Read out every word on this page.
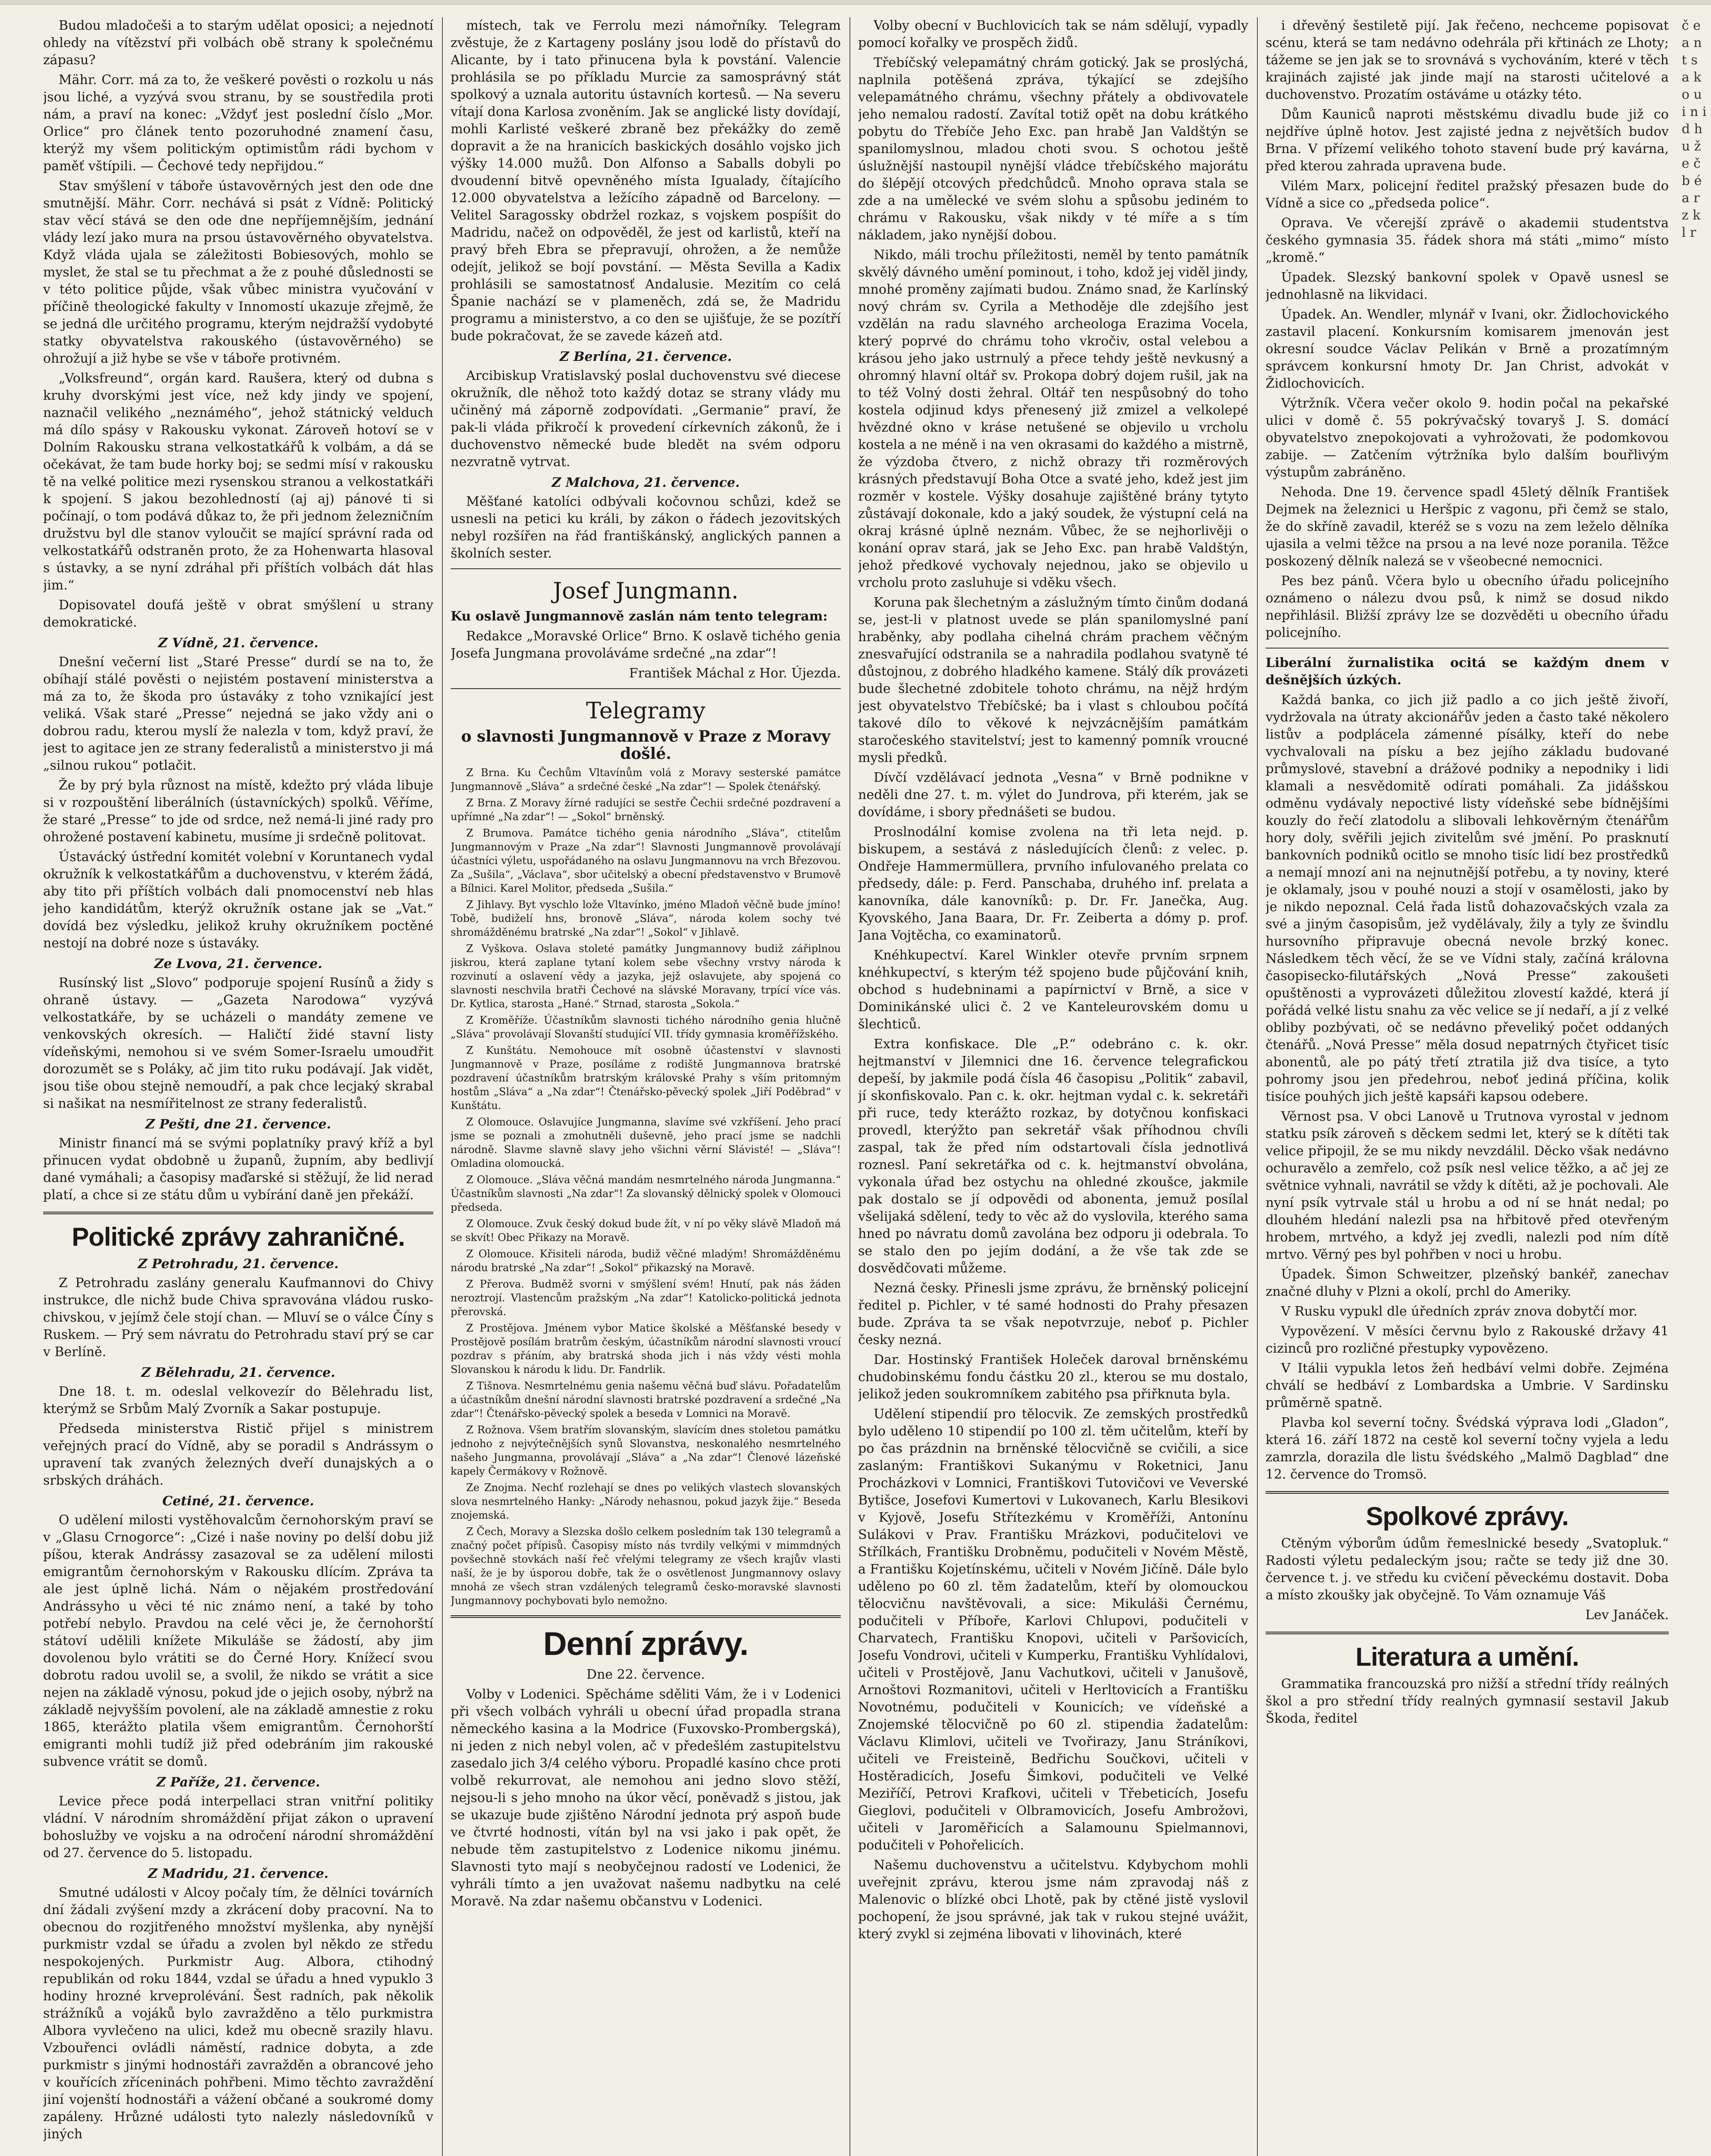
Budou mladočeši a to starým udělat oposici; a nejednotí ohledy na vítězství při volbách obě strany k společnému zápasu?

Mähr. Corr. má za to, že veškeré pověsti o rozkolu u nás jsou liché, a vyzývá svou stranu, by se soustředila proti nám, a praví na konec: „Vždyť jest poslední číslo „Mor. Orlice“ pro článek tento pozoruhodné znamení času, kterýž my všem politickým optimistům rádi bychom v paměť vštípili. — Čechové tedy nepřijdou.“

Stav smýšlení v táboře ústavověrných jest den ode dne smutnější. Mähr. Corr. nechává si psát z Vídně: Politický stav věcí stává se den ode dne nepříjemnějším, jednání vlády lezí jako mura na prsou ústavověrného obyvatelstva. Když vláda ujala se záležitosti Bobiesových, mohlo se myslet, že stal se tu přechmat a že z pouhé důslednosti se v této politice půjde, však vůbec ministra vyučování v příčině theologické fakulty v Innomostí ukazuje zřejmě, že se jedná dle určitého programu, kterým nejdražší vydobyté statky obyvatelstva rakouského (ústavověrného) se ohrožují a již hybe se vše v táboře protivném.

„Volksfreund“, orgán kard. Raušera, který od dubna s kruhy dvorskými jest více, než kdy jindy ve spojení, naznačil velikého „neznámého“, jehož státnický velduch má dílo spásy v Rakousku vykonat. Zároveň hotoví se v Dolním Rakousku strana velkostatkářů k volbám, a dá se očekávat, že tam bude horky boj; se sedmi mísí v rakousku tě na velké politice mezi rysenskou stranou a velkostatkáři k spojení. S jakou bezohledností (aj aj) pánové ti si počínají, o tom podává důkaz to, že při jednom železničním družstvu byl dle stanov vyloučit se mající správní rada od velkostatkářů odstraněn proto, že za Hohenwarta hlasoval s ústavky, a se nyní zdráhal při příštích volbách dát hlas jim.“

Dopisovatel doufá ještě v obrat smýšlení u strany demokratické.

Z Vídně, 21. července.

Dnešní večerní list „Staré Presse“ durdí se na to, že obíhají stálé pověsti o nejistém postavení ministerstva a má za to, že škoda pro ústaváky z toho vznikající jest veliká. Však staré „Presse“ nejedná se jako vždy ani o dobrou radu, kterou myslí že nalezla v tom, když praví, že jest to agitace jen ze strany federalistů a ministerstvo ji má „silnou rukou“ potlačit.

Že by prý byla různost na místě, kdežto prý vláda libuje si v rozpouštění liberálních (ústavníckých) spolků. Věříme, že staré „Presse“ to jde od srdce, než nemá-li jiné rady pro ohrožené postavení kabinetu, musíme ji srdečně politovat.

Ústavácký ústřední komitét volební v Koruntanech vydal okružník k velkostatkářům a duchovenstvu, v kterém žádá, aby tito při příštích volbách dali pnomocenství neb hlas jeho kandidátům, kterýž okružník ostane jak se „Vat.“ dovídá bez výsledku, jelikož kruhy okružníkem poctěné nestojí na dobré noze s ústaváky.

Ze Lvova, 21. července.

Rusínský list „Slovo“ podporuje spojení Rusínů a židy s ohraně ústavy. — „Gazeta Narodowa“ vyzývá velkostatkáře, by se ucházeli o mandáty zemene ve venkovských okresích. — Haličtí židé stavní listy vídeňskými, nemohou si ve svém Somer-Israelu umoudřit dorozumět se s Poláky, ač jim tito ruku podávají. Jak vidět, jsou tiše obou stejně nemoudří, a pak chce lecjaký skrabal si našikat na nesmířitelnost ze strany federalistů.

Z Pešti, dne 21. července.

Ministr financí má se svými poplatníky pravý kříž a byl přinucen vydat obdobně u županů, župním, aby bedlivjí dané vymáhali; a časopisy maďarské si stěžují, že lid nerad platí, a chce si ze státu dům u vybírání daně jen překáží.

Politické zprávy zahraničné.
Z Petrohradu, 21. července.

Z Petrohradu zaslány generalu Kaufmannovi do Chivy instrukce, dle nichž bude Chiva spravována vládou rusko-chivskou, v jejímž čele stojí chan. — Mluví se o válce Číny s Ruskem. — Prý sem návratu do Petrohradu staví prý se car v Berlíně.

Z Bělehradu, 21. července.

Dne 18. t. m. odeslal velkovezír do Bělehradu list, kterýmž se Srbům Malý Zvorník a Sakar postupuje.

Předseda ministerstva Ristič přijel s ministrem veřejných prací do Vídně, aby se poradil s Andrássym o upravení tak zvaných železných dveří dunajských a o srbských dráhách.

Cetiné, 21. července.

O udělení milosti vystěhovalcům černohorským praví se v „Glasu Crnogorce“: „Cizé i naše noviny po delší dobu již píšou, kterak Andrássy zasazoval se za udělení milosti emigrantům černohorským v Rakousku dlícím. Zpráva ta ale jest úplně lichá. Nám o nějakém prostředování Andrássyho u věci té nic známo není, a také by toho potřebí nebylo. Pravdou na celé věci je, že černohorští státoví udělili knížete Mikuláše se žádostí, aby jim dovolenou bylo vrátiti se do Černé Hory. Knížecí svou dobrotu radou uvolil se, a svolil, že nikdo se vrátit a sice nejen na základě výnosu, pokud jde o jejich osoby, nýbrž na základě nejvyšším povolení, ale na základě amnestie z roku 1865, kterážto platila všem emigrantům. Černohorští emigranti mohli tudíž již před odebráním jim rakouské subvence vrátit se domů.

Z Paříže, 21. července.

Levice přece podá interpellaci stran vnitřní politiky vládní. V národním shromáždění přijat zákon o upravení bohoslužby ve vojsku a na odročení národní shromáždění od 27. července do 5. listopadu.

Z Madridu, 21. července.

Smutné události v Alcoy počaly tím, že dělníci továrních dní žádali zvýšení mzdy a zkrácení doby pracovní. Na to obecnou do rozjitřeného množství myšlenka, aby nynější purkmistr vzdal se úřadu a zvolen byl někdo ze středu nespokojených. Purkmistr Aug. Albora, ctihodný republikán od roku 1844, vzdal se úřadu a hned vypuklo 3 hodiny hrozné krveprolévání. Šest radních, pak několik strážníků a vojáků bylo zavražděno a tělo purkmistra Albora vyvlečeno na ulici, kdež mu obecně srazily hlavu. Vzbouřenci ovládli náměstí, radnice dobyta, a zde purkmistr s jinými hodnostáři zavražděn a obrancové jeho v kouřících zříceninách pohřbeni. Mimo těchto zavraždění jiní vojenští hodnostáři a vážení občané a soukromé domy zapáleny. Hrůzné události tyto nalezly následovníků v jiných

místech, tak ve Ferrolu mezi námořníky. Telegram zvěstuje, že z Kartageny poslány jsou lodě do přístavů do Alicante, by i tato přinucena byla k povstání. Valencie prohlásila se po příkladu Murcie za samosprávný stát spolkový a uznala autoritu ústavních kortesů. — Na severu vítají dona Karlosa zvoněním. Jak se anglické listy dovídají, mohli Karlisté veškeré zbraně bez překážky do země dopravit a že na hranicích baskických dosáhlo vojsko jich výšky 14.000 mužů. Don Alfonso a Saballs dobyli po dvoudenní bitvě opevněného místa Igualady, čítajícího 12.000 obyvatelstva a ležícího západně od Barcelony. — Velitel Saragossky obdržel rozkaz, s vojskem pospíšit do Madridu, načež on odpověděl, že jest od karlistů, kteří na pravý břeh Ebra se přepravují, ohrožen, a že nemůže odejít, jelikož se bojí povstání. — Města Sevilla a Kadix prohlásili se samostatnosť Andalusie. Mezitím co celá Španie nachází se v plameněch, zdá se, že Madridu programu a ministerstvo, a co den se ujišťuje, že se pozítří bude pokračovat, že se zavede kázeň atd.

Z Berlína, 21. července.

Arcibiskup Vratislavský poslal duchovenstvu své diecese okružník, dle něhož toto každý dotaz se strany vlády mu učiněný má záporně zodpovídati. „Germanie“ praví, že pak-li vláda přikročí k provedení církevních zákonů, že i duchovenstvo německé bude bledět na svém odporu nezvratně vytrvat.

Z Malchova, 21. července.

Měšťané katolíci odbývali kočovnou schůzi, kdež se usnesli na petici ku králi, by zákon o řádech jezovitských nebyl rozšířen na řád františkánský, anglických pannen a školních sester.

Josef Jungmann.

Ku oslavě Jungmannově zaslán nám tento telegram:

Redakce „Moravské Orlice“ Brno. K oslavě tichého genia Josefa Jungmana provoláváme srdečné „na zdar“!

František Máchal z Hor. Újezda.
Telegramy
o slavnosti Jungmannově v Praze z Moravy došlé.

Z Brna. Ku Čechům Vltavínům volá z Moravy sesterské památce Jungmannově „Sláva“ a srdečné české „Na zdar“! — Spolek čtenářský.

Z Brna. Z Moravy žírné radujíci se sestře Čechii srdečné pozdravení a upřímné „Na zdar“! — „Sokol“ brněnský.

Z Brumova. Památce tichého genia národního „Sláva“, ctitelům Jungmannovým v Praze „Na zdar“! Slavnosti Jungmannově provolávají účastníci výletu, uspořádaného na oslavu Jungmannovu na vrch Březovou. Za „Sušila“, „Václava“, sbor učitelský a obecní představenstvo v Brumově a Bílnici. Karel Molitor, předseda „Sušila.“

Z Jihlavy. Byt vyschlo lože Vltavínko, jméno Mladoň věčně bude jmíno! Tobě, budiželí hns, bronově „Sláva“, národa kolem sochy tvé shromážděnému bratrské „Na zdar“! „Sokol“ v Jihlavě.

Z Vyškova. Oslava stoleté památky Jungmannovy budiž zářiplnou jiskrou, která zaplane tytaní kolem sebe všechny vrstvy národa k rozvinutí a oslavení vědy a jazyka, jejž oslavujete, aby spojená co slavnosti neschvila bratři Čechové na slávské Moravany, trpící více vás. Dr. Kytlica, starosta „Hané.“ Strnad, starosta „Sokola.“

Z Kroměříže. Účastníkům slavnosti tichého národního genia hlučně „Sláva“ provolávají Slovanští studující VII. třídy gymnasia kroměřížského.

Z Kunštátu. Nemohouce mít osobně účastenství v slavnosti Jungmannově v Praze, posíláme z rodiště Jungmannova bratrské pozdravení účastníkům bratrským královské Prahy s vším pritomným hostům „Sláva“ a „Na zdar“! Čtenářsko-pěvecký spolek „Jiří Poděbrad“ v Kunštátu.

Z Olomouce. Oslavujíce Jungmanna, slavíme své vzkříšení. Jeho prací jsme se poznali a zmohutněli duševně, jeho prací jsme se nadchli národně. Slavme slavně slavy jeho všichni věrní Slávisté! — „Sláva“! Omladina olomoucká.

Z Olomouce. „Sláva věčná mandám nesmrtelného národa Jungmanna.“ Účastníkům slavnosti „Na zdar“! Za slovanský dělnický spolek v Olomouci předseda.

Z Olomouce. Zvuk český dokud bude žít, v ní po věky slávě Mladoň má se skvít! Obec Přikazy na Moravě.

Z Olomouce. Křisiteli národa, budiž věčné mladým! Shromážděnému národu bratrské „Na zdar“! „Sokol“ přikazský na Moravě.

Z Přerova. Budměž svorni v smýšlení svém! Hnutí, pak nás žáden neroztrojí. Vlastencům pražským „Na zdar“! Katolicko-politická jednota přerovská.

Z Prostějova. Jménem vybor Matice školské a Měšťanské besedy v Prostějově posílám bratrům českým, účastníkům národní slavnosti vroucí pozdrav s přáním, aby bratrská shoda jich i nás vždy vésti mohla Slovanskou k národu k lidu. Dr. Fandrlik.

Z Tišnova. Nesmrtelnému genia našemu věčná buď slávu. Pořadatelům a účastníkům dnešní národní slavnosti bratrské pozdravení a srdečné „Na zdar“! Čtenářsko-pěvecký spolek a beseda v Lomnici na Moravě.

Z Rožnova. Všem bratřím slovanským, slavícím dnes stoletou památku jednoho z nejvýtečnějších synů Slovanstva, neskonalého nesmrtelného našeho Jungmanna, provolávají „Sláva“ a „Na zdar“! Členové lázeňské kapely Čermákovy v Rožnově.

Ze Znojma. Nechť rozlehají se dnes po velikých vlastech slovanských slova nesmrtelného Hanky: „Národy nehasnou, pokud jazyk žije.“ Beseda znojemská.

Z Čech, Moravy a Slezska došlo celkem posledním tak 130 telegramů a značný počet přípisů. Časopisy místo nás tvrdily velkými v mimmdných povšechně stovkách naší řeč vřelými telegramy ze všech krajův vlasti naší, že je by úsporou dobře, tak že o osvětlenost Jungmannovy oslavy mnohá ze všech stran vzdálených telegramů česko-moravské slavnosti Jungmannovy pochybovati bylo nemožno.

Denní zprávy.
Dne 22. července.

Volby v Lodenici. Spěcháme sděliti Vám, že i v Lodenici při všech volbách vyhráli u obecní úřad propadla strana německého kasina a la Modrice (Fuxovsko-Prombergská), ni jeden z nich nebyl volen, ač v předešlém zastupitelstvu zasedalo jich 3/4 celého výboru. Propadlé kasíno chce proti volbě rekurrovat, ale nemohou ani jedno slovo stěží, nejsou-li s jeho mnoho na úkor věcí, poněvadž s jistou, jak se ukazuje bude zjištěno Národní jednota prý aspoň bude ve čtvrté hodnosti, vítán byl na vsi jako i pak opět, že nebude těm zastupitelstvo z Lodenice nikomu jinému. Slavnosti tyto mají s neobyčejnou radostí ve Lodenici, že vyhráli tímto a jen uvažovat našemu nadbytku na celé Moravě. Na zdar našemu občanstvu v Lodenici.

Volby obecní v Buchlovicích tak se nám sdělují, vypadly pomocí kořalky ve prospěch židů.

Třebíčský velepamátný chrám gotický. Jak se proslýchá, naplnila potěšená zpráva, týkající se zdejšího velepamátného chrámu, všechny přátely a obdivovatele jeho nemalou radostí. Zavítal totiž opět na dobu krátkého pobytu do Třebíče Jeho Exc. pan hrabě Jan Valdštýn se spanilomyslnou, mladou choti svou. S ochotou ještě úslužnější nastoupil nynější vládce třebíčského majorátu do šlépějí otcových předchůdců. Mnoho oprava stala se zde a na umělecké ve svém slohu a spůsobu jediném to chrámu v Rakousku, však nikdy v té míře a s tím nákladem, jako nynější dobou.

Nikdo, máli trochu příležitosti, neměl by tento památník skvělý dávného umění pominout, i toho, kdož jej viděl jindy, mnohé proměny zajímati budou. Známo snad, že Karlínský nový chrám sv. Cyrila a Methoděje dle zdejšího jest vzdělán na radu slavného archeologa Erazima Vocela, který poprvé do chrámu toho vkročiv, ostal velebou a krásou jeho jako ustrnulý a přece tehdy ještě nevkusný a ohromný hlavní oltář sv. Prokopa dobrý dojem rušil, jak na to též Volný dosti žehral. Oltář ten nespůsobný do toho kostela odjinud kdys přenesený již zmizel a velkolepé hvězdné okno v kráse netušené se objevilo u vrcholu kostela a ne méně i na ven okrasami do každého a mistrně, že výzdoba čtvero, z nichž obrazy tři rozměrových krásných představují Boha Otce a svaté jeho, kdež jest jim rozměr v kostele. Výšky dosahuje zajištěné brány tytyto zůstávají dokonale, kdo a jaký soudek, že výstupní celá na okraj krásné úplně neznám. Vůbec, že se nejhorlivěji o konání oprav stará, jak se Jeho Exc. pan hrabě Valdštýn, jehož předkové vychovaly nejednou, jako se objevilo u vrcholu proto zasluhuje si vděku všech.

Koruna pak šlechetným a záslužným tímto činům dodaná se, jest-li v platnost uvede se plán spanilomyslné paní hraběnky, aby podlaha cihelná chrám prachem věčným znesvařující odstranila se a nahradila podlahou svatyně té důstojnou, z dobrého hladkého kamene. Stálý dík provázeti bude šlechetné zdobitele tohoto chrámu, na nějž hrdým jest obyvatelstvo Třebíčské; ba i vlast s chloubou počítá takové dílo to věkové k nejvzácnějším památkám staročeského stavitelství; jest to kamenný pomník vroucné mysli předků.

Dívčí vzdělávací jednota „Vesna“ v Brně podnikne v neděli dne 27. t. m. výlet do Jundrova, při kterém, jak se dovídáme, i sbory přednášeti se budou.

Proslnodální komise zvolena na tři leta nejd. p. biskupem, a sestává z následujících členů: z velec. p. Ondřeje Hammermüllera, prvního infulovaného prelata co předsedy, dále: p. Ferd. Panschaba, druhého inf. prelata a kanovníka, dále kanovníků: p. Dr. Fr. Janečka, Aug. Kyovského, Jana Baara, Dr. Fr. Zeiberta a dómy p. prof. Jana Vojtěcha, co examinatorů.

Knéhkupectví. Karel Winkler otevře prvním srpnem knéhkupectví, s kterým též spojeno bude půjčování knih, obchod s hudebninami a papírnictví v Brně, a sice v Dominikánské ulici č. 2 ve Kanteleurovském domu u šlechticů.

Extra konfiskace. Dle „P.“ odebráno c. k. okr. hejtmanství v Jilemnici dne 16. července telegrafickou depeší, by jakmile podá čísla 46 časopisu „Politik“ zabavil, jí skonfiskovalo. Pan c. k. okr. hejtman vydal c. k. sekretáři při ruce, tedy kterážto rozkaz, by dotyčnou konfiskaci provedl, kterýžto pan sekretář však příhodnou chvíli zaspal, tak že před ním odstartovali čísla jednotlivá roznesl. Paní sekretářka od c. k. hejtmanství obvolána, vykonala úřad bez ostychu na ohledné zkoušce, jakmile pak dostalo se jí odpovědi od abonenta, jemuž posílal všelijaká sdělení, tedy to věc až do vyslovila, kterého sama hned po návratu domů zavolána bez odporu ji odebrala. To se stalo den po jejím dodání, a že vše tak zde se dosvědčovati můžeme.

Nezná česky. Přinesli jsme zprávu, že brněnský policejní ředitel p. Pichler, v té samé hodnosti do Prahy přesazen bude. Zpráva ta se však nepotvrzuje, neboť p. Pichler česky nezná.

Dar. Hostinský František Holeček daroval brněnskému chudobinskému fondu částku 20 zl., kterou se mu dostalo, jelikož jeden soukromníkem zabitého psa přiřknuta byla.

Udělení stipendií pro tělocvik. Ze zemských prostředků bylo uděleno 10 stipendií po 100 zl. těm učitelům, kteří by po čas prázdnin na brněnské tělocvičně se cvičili, a sice zaslaným: Františkovi Sukanýmu v Roketnici, Janu Procházkovi v Lomnici, Františkovi Tutovičovi ve Veverské Bytišce, Josefovi Kumertovi v Lukovanech, Karlu Blesikovi v Kyjově, Josefu Střítezkému v Kroměříži, Antonínu Sulákovi v Prav. Františku Mrázkovi, podučitelovi ve Střílkách, Františku Drobněmu, podučiteli v Novém Městě, a Františku Kojetínskému, učiteli v Novém Jičíně. Dále bylo uděleno po 60 zl. těm žadatelům, kteří by olomouckou tělocvičnu navštěvovali, a sice: Mikuláši Černému, podučiteli v Příboře, Karlovi Chlupovi, podučiteli v Charvatech, Františku Knopovi, učiteli v Paršovicích, Josefu Vondrovi, učiteli v Kumperku, Františku Vyhlídalovi, učiteli v Prostějově, Janu Vachutkovi, učiteli v Janušově, Arnoštovi Rozmanitovi, učiteli v Herltovicích a Františku Novotnému, podučiteli v Kounicích; ve vídeňské a Znojemské tělocvičně po 60 zl. stipendia žadatelům: Václavu Klimlovi, učiteli ve Tvořirazy, Janu Stráníkovi, učiteli ve Freisteině, Bedřichu Součkovi, učiteli v Hostěradicích, Josefu Šimkovi, podučiteli ve Velké Meziříčí, Petrovi Krafkovi, učiteli v Třebeticích, Josefu Gieglovi, podučiteli v Olbramovicích, Josefu Ambrožovi, učiteli v Jaroměřicích a Salamounu Spielmannovi, podučiteli v Pohořelicích.

Našemu duchovenstvu a učitelstvu. Kdybychom mohli uveřejnit zprávu, kterou jsme nám zpravodaj náš z Malenovic o blízké obci Lhotě, pak by ctěné jistě vyslovil pochopení, že jsou správné, jak tak v rukou stejné uvážit, který zvykl si zejména libovati v lihovinách, které

i dřevěný šestiletě pijí. Jak řečeno, nechceme popisovat scénu, která se tam nedávno odehrála při křtinách ze Lhoty; tážeme se jen jak se to srovnává s vychováním, které v těch krajinách zajisté jak jinde mají na starosti učitelové a duchovenstvo. Prozatím ostáváme u otázky této.

Dům Kauniců naproti městskému divadlu bude již co nejdříve úplně hotov. Jest zajisté jedna z největších budov Brna. V přízemí velikého tohoto stavení bude prý kavárna, před kterou zahrada upravena bude.

Vilém Marx, policejní ředitel pražský přesazen bude do Vídně a sice co „předseda police“.

Oprava. Ve včerejší zprávě o akademii studentstva českého gymnasia 35. řádek shora má státi „mimo“ místo „kromě.“

Úpadek. Slezský bankovní spolek v Opavě usnesl se jednohlasně na likvidaci.

Úpadek. An. Wendler, mlynář v Ivani, okr. Židlochovického zastavil placení. Konkursním komisarem jmenován jest okresní soudce Václav Pelikán v Brně a prozatímným správcem konkursní hmoty Dr. Jan Christ, advokát v Židlochovicích.

Výtržník. Včera večer okolo 9. hodin počal na pekařské ulici v domě č. 55 pokrývačský tovaryš J. S. domácí obyvatelstvo znepokojovati a vyhrožovati, že podomkovou zabije. — Zatčením výtržníka bylo dalším bouřlivým výstupům zabráněno.

Nehoda. Dne 19. července spadl 45letý dělník František Dejmek na železnici u Heršpic z vagonu, při čemž se stalo, že do skříně zavadil, kteréž se s vozu na zem leželo dělníka ujasila a velmi těžce na prsou a na levé noze poranila. Těžce poskozený dělník nalezá se v všeobecné nemocnici.

Pes bez pánů. Včera bylo u obecního úřadu policejního oznámeno o nálezu dvou psů, k nimž se dosud nikdo nepřihlásil. Bližší zprávy lze se dozvěděti u obecního úřadu policejního.

Liberální žurnalistika ocitá se každým dnem v dešnějších úzkých.

Každá banka, co jich již padlo a co jich ještě živoří, vydržovala na útraty akcionářův jeden a často také několero listův a podplácela zámenné písálky, kteří do nebe vychvalovali na písku a bez jejího základu budované průmyslové, stavební a drážové podniky a nepodniky i lidi klamali a nesvědomitě odírati pomáhali. Za jidášskou odměnu vydávaly nepoctivé listy vídeňské sebe bídnějšími kouzly do řečí zlatodolu a slibovali lehkověrným čtenářům hory doly, svěřili jejich zivitelům své jmění. Po prasknutí bankovních podniků ocitlo se mnoho tisíc lidí bez prostředků a nemají mnozí ani na nejnutnější potřebu, a ty noviny, které je oklamaly, jsou v pouhé nouzi a stojí v osamělosti, jako by je nikdo nepoznal. Celá řada listů dohazovačských vzala za své a jiným časopisům, jež vydělávaly, žily a tyly ze švindlu hursovního připravuje obecná nevole brzký konec. Následkem těch věcí, že se ve Vídni staly, začíná královna časopisecko-filutářských „Nová Presse“ zakoušeti opuštěnosti a vyprovázeti důležitou zlovestí každé, která jí pořádá velké listu snahu za věc velice se jí nedaří, a jí z velké obliby pozbývati, oč se nedávno převeliký počet oddaných čtenářů. „Nová Presse“ měla dosud nepatrných čtyřicet tisíc abonentů, ale po pátý třetí ztratila již dva tisíce, a tyto pohromy jsou jen předehrou, neboť jediná příčina, kolik tisíce pouhých jich ještě kapsáři kapsou odebere.

Věrnost psa. V obci Lanově u Trutnova vyrostal v jednom statku psík zároveň s děckem sedmi let, který se k dítěti tak velice připojil, že se mu nikdy nevzdálil. Děcko však nedávno ochuravělo a zemřelo, což psík nesl velice těžko, a ač jej ze světnice vyhnali, navrátil se vždy k dítěti, až je pochovali. Ale nyní psík vytrvale stál u hrobu a od ní se hnát nedal; po dlouhém hledání nalezli psa na hřbitově před otevřeným hrobem, mrtvého, a když jej zvedli, nalezli pod ním dítě mrtvo. Věrný pes byl pohřben v noci u hrobu.

Úpadek. Šimon Schweitzer, plzeňský bankéř, zanechav značné dluhy v Plzni a okolí, prchl do Ameriky.

V Rusku vypukl dle úředních zpráv znova dobytčí mor.

Vypovězení. V měsíci červnu bylo z Rakouské državy 41 cizinců pro rozličné přestupky vypovězeno.

V Itálii vypukla letos žeň hedbáví velmi dobře. Zejména chválí se hedbáví z Lombardska a Umbrie. V Sardinsku průměrně spatně.

Plavba kol severní točny. Švédská výprava lodi „Gladon“, která 16. září 1872 na cestě kol severní točny vyjela a ledu zamrzla, dorazila dle listu švédského „Malmö Dagblad“ dne 12. července do Tromsö.

Spolkové zprávy.

Ctěným výborům údům řemeslnické besedy „Svatopluk.“ Radosti výletu pedaleckým jsou; račte se tedy již dne 30. července t. j. ve středu ku cvičení pěveckému dostavit. Doba a místo zkoušky jak obyčejně. To Vám oznamuje Váš

Lev Janáček.
Literatura a umění.

Grammatika francouzská pro nižší a střední třídy reálných škol a pro střední třídy realných gymnasií sestavil Jakub Škoda, ředitel

č e a n t s a k o u i n i d h u ž e č b é a r z k l r
